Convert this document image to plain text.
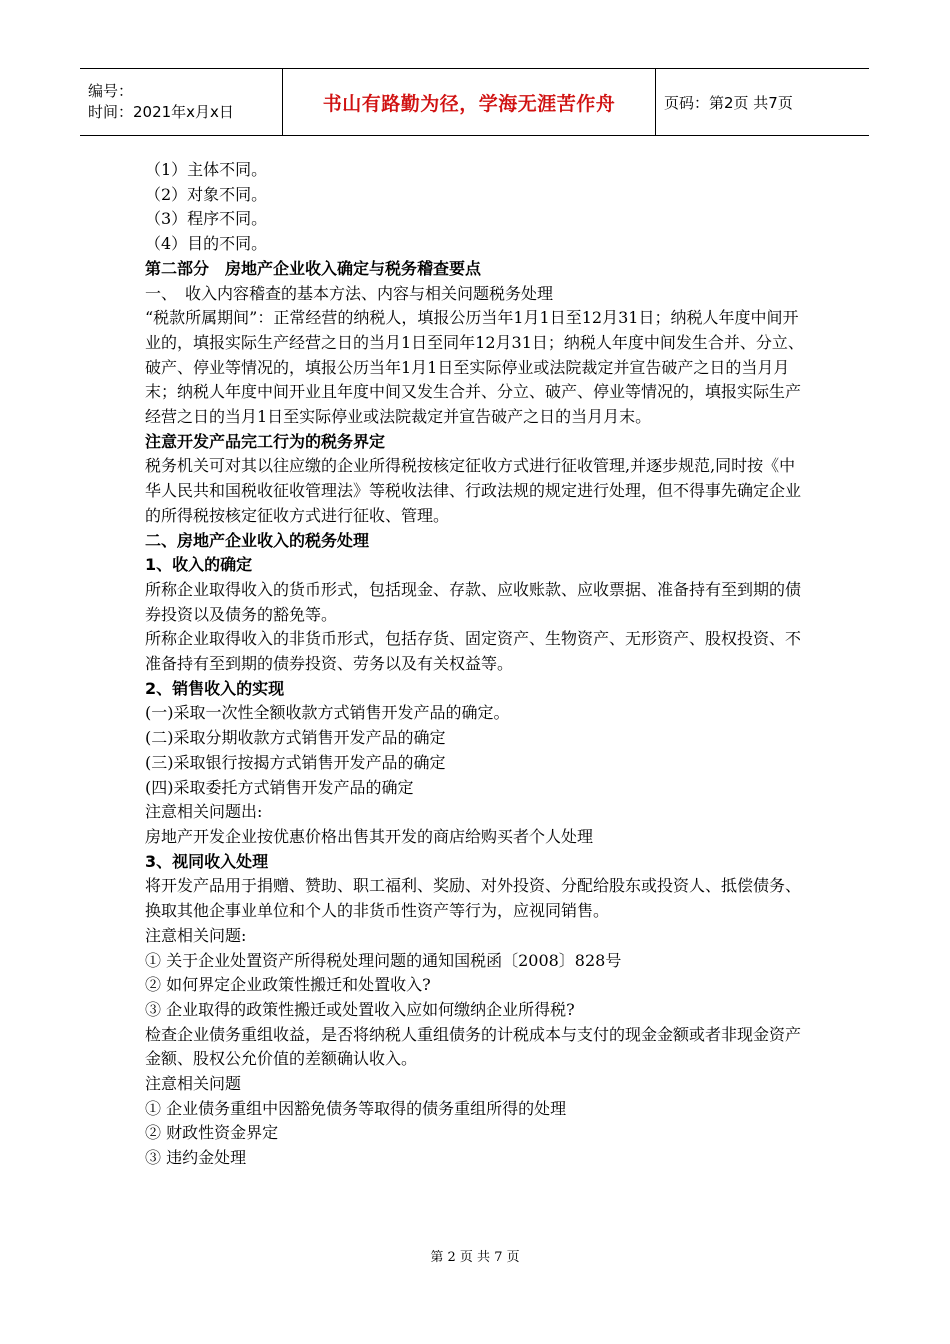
编号：
时间：2021年x月x日	书山有路勤为径，学海无涯苦作舟	页码：第2页 共7页

（1）主体不同。

（2）对象不同。

（3）程序不同。

（4）目的不同。

第二部分　房地产企业收入确定与税务稽查要点

一、　收入内容稽查的基本方法、内容与相关问题税务处理

“税款所属期间”：正常经营的纳税人，填报公历当年1月1日至12月31日；纳税人年度中间开业的，填报实际生产经营之日的当月1日至同年12月31日；纳税人年度中间发生合并、分立、破产、停业等情况的，填报公历当年1月1日至实际停业或法院裁定并宣告破产之日的当月月末；纳税人年度中间开业且年度中间又发生合并、分立、破产、停业等情况的，填报实际生产经营之日的当月1日至实际停业或法院裁定并宣告破产之日的当月月末。

注意开发产品完工行为的税务界定

税务机关可对其以往应缴的企业所得税按核定征收方式进行征收管理,并逐步规范,同时按《中华人民共和国税收征收管理法》等税收法律、行政法规的规定进行处理，但不得事先确定企业的所得税按核定征收方式进行征收、管理。

二、房地产企业收入的税务处理

1、收入的确定

所称企业取得收入的货币形式，包括现金、存款、应收账款、应收票据、准备持有至到期的债券投资以及债务的豁免等。

所称企业取得收入的非货币形式，包括存货、固定资产、生物资产、无形资产、股权投资、不准备持有至到期的债券投资、劳务以及有关权益等。

2、销售收入的实现

(一)采取一次性全额收款方式销售开发产品的确定。

(二)采取分期收款方式销售开发产品的确定

(三)采取银行按揭方式销售开发产品的确定

(四)采取委托方式销售开发产品的确定

注意相关问题出:

房地产开发企业按优惠价格出售其开发的商店给购买者个人处理

3、视同收入处理

将开发产品用于捐赠、赞助、职工福利、奖励、对外投资、分配给股东或投资人、抵偿债务、换取其他企事业单位和个人的非货币性资产等行为，应视同销售。

注意相关问题:

① 关于企业处置资产所得税处理问题的通知国税函〔2008〕828号

② 如何界定企业政策性搬迁和处置收入?

③ 企业取得的政策性搬迁或处置收入应如何缴纳企业所得税?

检查企业债务重组收益，是否将纳税人重组债务的计税成本与支付的现金金额或者非现金资产金额、股权公允价值的差额确认收入。

注意相关问题

① 企业债务重组中因豁免债务等取得的债务重组所得的处理

② 财政性资金界定

③ 违约金处理

第 2 页 共 7 页
